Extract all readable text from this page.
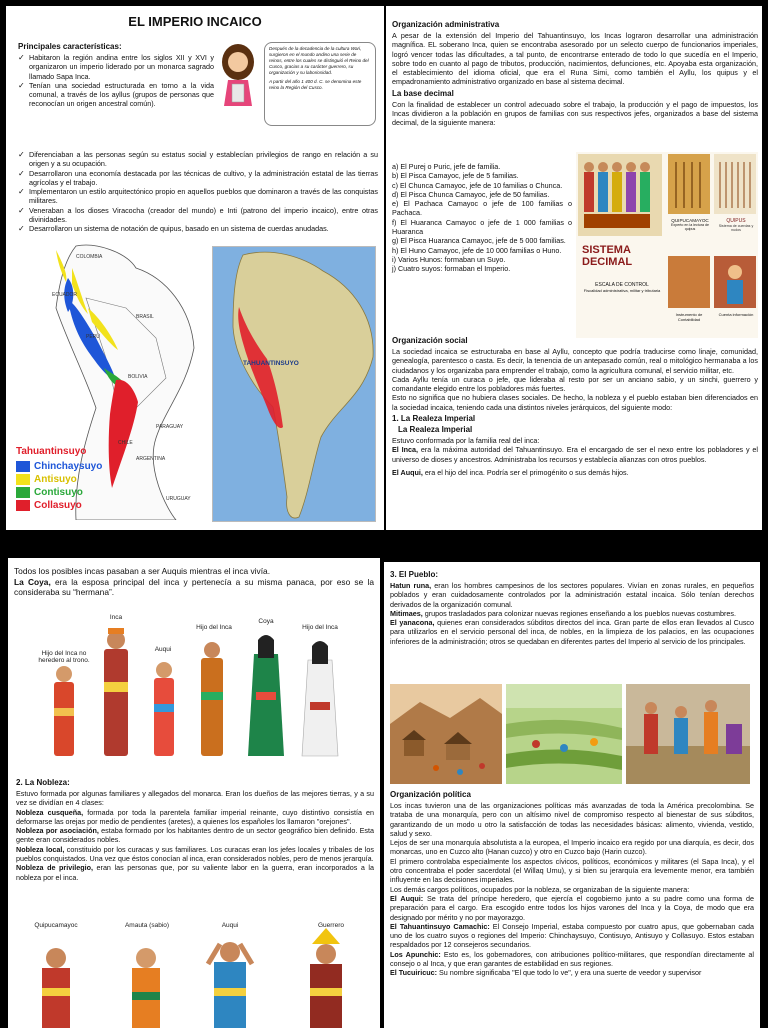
EL IMPERIO INCAICO
Principales características:
✓ Habitaron la región andina entre los siglos XII y XVI y organizaron un imperio liderado por un monarca sagrado llamado Sapa Inca.
✓ Tenían una sociedad estructurada en torno a la vida comunal, a través de los ayllus (grupos de personas que reconocían un origen ancestral común).
Después de la decadencia de la cultura Wari, surgieron en el mundo andino una serie de reinos, entre los cuales se distinguió el Reino del Cusco, gracias a su carácter guerrero, su organización y su laboriosidad.
A partir del año 1 400 d. C. se denomina este reino la Región del Cusco.
✓ Diferenciaban a las personas según su estatus social y establecían privilegios de rango en relación a su origen y a su ocupación.
✓ Desarrollaron una economía destacada por las técnicas de cultivo, y la administración estatal de las tierras agrícolas y el trabajo.
✓ Implementaron un estilo arquitectónico propio en aquellos pueblos que dominaron a través de las conquistas militares.
✓ Veneraban a los dioses Viracocha (creador del mundo) e Inti (patrono del imperio incaico), entre otras divinidades.
✓ Desarrollaron un sistema de notación de quipus, basado en un sistema de cuerdas anudadas.
COLOMBIA
ECUADOR
PERÚ
BRASIL
BOLIVIA
PARAGUAY
CHILE
ARGENTINA
URUGUAY
Tahuantinsuyo
Chinchaysuyo
Antisuyo
Contisuyo
Collasuyo
TAHUANTINSUYO
Organización administrativa

A pesar de la extensión del Imperio del Tahuantinsuyo, los Incas lograron desarrollar una administración magnífica. EL soberano Inca, quien se encontraba asesorado por un selecto cuerpo de funcionarios imperiales, logró vencer todas las dificultades, a tal punto, de encontrarse enterado de todo lo que sucedía en el Imperio, sobre todo en cuanto al pago de tributos, producción, nacimientos, defunciones, etc. Apoyaba esta organización, el establecimiento del idioma oficial, que era el Runa Simi, como también el Ayllu, los quipus y el empadronamiento administrativo organizado en base al sistema decimal.

La base decimal

Con la finalidad de establecer un control adecuado sobre el trabajo, la producción y el pago de impuestos, los Incas dividieron a la población en grupos de familias con sus respectivos jefes, organizados a base del sistema decimal, de la siguiente manera:

a) El Purej o Puric, jefe de familia.

b) El Pisca Camayoc, jefe de 5 familias.

c) El Chunca Camayoc, jefe de 10 familias o Chunca.

d) El Pisca Chunca Camayoc, jefe de 50 familias.

e) El Pachaca Camayoc o jefe de 100 familias o Pachaca.

f) El Huaranca Camayoc o jefe de 1 000 familias o Huaranca

g) El Pisca Huaranca Camayoc, jefe de 5 000 familias.

h) El Huno Camayoc, jefe de 10 000 familias o Huno.

i) Varios Hunos: formaban un Suyo.

j) Cuatro suyos: formaban el Imperio.

SISTEMA
DECIMAL
ESCALA DE CONTROL
Fiscalidad administrativa, militar y tributaria
QUIPUCAMAYOC
Experto en la lectura de quipus
QUIPUS
Sistema de cuerdas y nudos
Instrumento de Contabilidad
Cuenta información
Organización social

La sociedad incaica se estructuraba en base al Ayllu, concepto que podría traducirse como linaje, comunidad, genealogía, parentesco o casta. Es decir, la tenencia de un antepasado común, real o mitológico hermanaba a los ciudadanos y los organizaba para emprender el trabajo, como la agricultura comunal, el servicio militar, etc.

Cada Ayllu tenía un curaca o jefe, que lideraba al resto por ser un anciano sabio, y un sinchi, guerrero y comandante elegido entre los pobladores más fuertes.

Esto no significa que no hubiera clases sociales. De hecho, la nobleza y el pueblo estaban bien diferenciados en la sociedad incaica, teniendo cada una distintos niveles jerárquicos, del siguiente modo:

1. La Realeza Imperial
La Realeza Imperial

Estuvo conformada por la familia real del inca:

El Inca, era la máxima autoridad del Tahuantinsuyo. Era el encargado de ser el nexo entre los pobladores y el universo de dioses y ancestros. Administraba los recursos y establecía alianzas con otros pueblos.

El Auqui, era el hijo del inca. Podría ser el primogénito o sus demás hijos.

Todos los posibles incas pasaban a ser Auquis mientras el inca vivía.

La Coya, era la esposa principal del inca y pertenecía a su misma panaca, por eso se la consideraba su “hermana”.

Hijo del Inca no heredero al trono.
Inca
Auqui
Hijo del Inca
Coya
Hijo del Inca
2. La Nobleza:

Estuvo formada por algunas familiares y allegados del monarca. Eran los dueños de las mejores tierras, y a su vez se dividían en 4 clases:

Nobleza cusqueña, formada por toda la parentela familiar imperial reinante, cuyo distintivo consistía en deformarse las orejas por medio de pendientes (aretes), a quienes los españoles los llamaron "orejones".

Nobleza por asociación, estaba formado por los habitantes dentro de un sector geográfico bien definido. Esta gente eran considerados nobles.

Nobleza local, constituido por los curacas y sus familiares. Los curacas eran los jefes locales y tribales de los pueblos conquistados. Una vez que éstos conocían al inca, eran considerados nobles, pero de menos jerarquía.

Nobleza de privilegio, eran las personas que, por su valiente labor en la guerra, eran incorporados a la nobleza por el inca.

Quipucamayoc	Amauta (sabio)	Auqui	Guerrero
3. El Pueblo:

Hatun runa, eran los hombres campesinos de los sectores populares. Vivían en zonas rurales, en pequeños poblados y eran cuidadosamente controlados por la administración estatal incaica. Sólo tenían derechos derivados de la organización comunal.

Mitimaes, grupos trasladados para colonizar nuevas regiones enseñando a los pueblos nuevas costumbres.

El yanacona, quienes eran considerados súbditos directos del inca. Gran parte de ellos eran llevados al Cusco para utilizarlos en el servicio personal del inca, de nobles, en la limpieza de los palacios, en las ocupaciones inferiores de la administración; otros se quedaban en diferentes partes del Imperio al servicio de los principales.

Organización política

Los incas tuvieron una de las organizaciones políticas más avanzadas de toda la América precolombina. Se trataba de una monarquía, pero con un altísimo nivel de compromiso respecto al bienestar de sus súbditos, garantizando de un modo u otro la satisfacción de todas las necesidades básicas: alimento, vivienda, vestido, salud y sexo.

Lejos de ser una monarquía absolutista a la europea, el Imperio incaico era regido por una diarquía, es decir, dos monarcas, uno en Cuzco alto (Hanan cuzco) y otro en Cuzco bajo (Harin cuzco).

El primero controlaba especialmente los aspectos cívicos, políticos, económicos y militares (el Sapa Inca), y el otro concentraba el poder sacerdotal (el Willaq Umu), y si bien su jerarquía era levemente menor, era también influyente en las decisiones imperiales.

Los demás cargos políticos, ocupados por la nobleza, se organizaban de la siguiente manera:

El Auqui: Se trata del príncipe heredero, que ejercía el cogobierno junto a su padre como una forma de preparación para el cargo. Era escogido entre todos los hijos varones del Inca y la Coya, de modo que era designado por mérito y no por mayorazgo.

El Tahuantinsuyo Camachic: El Consejo Imperial, estaba compuesto por cuatro apus, que gobernaban cada uno de los cuatro suyos o regiones del Imperio: Chinchaysuyo, Contisuyo, Antisuyo y Collasuyo. Estos estaban respaldados por 12 consejeros secundarios.

Los Apunchic: Esto es, los gobernadores, con atribuciones político-militares, que respondían directamente al consejo o al Inca, y que eran garantes de estabilidad en sus regiones.

El Tucuiricuc: Su nombre significaba "El que todo lo ve", y era una suerte de veedor y supervisor
